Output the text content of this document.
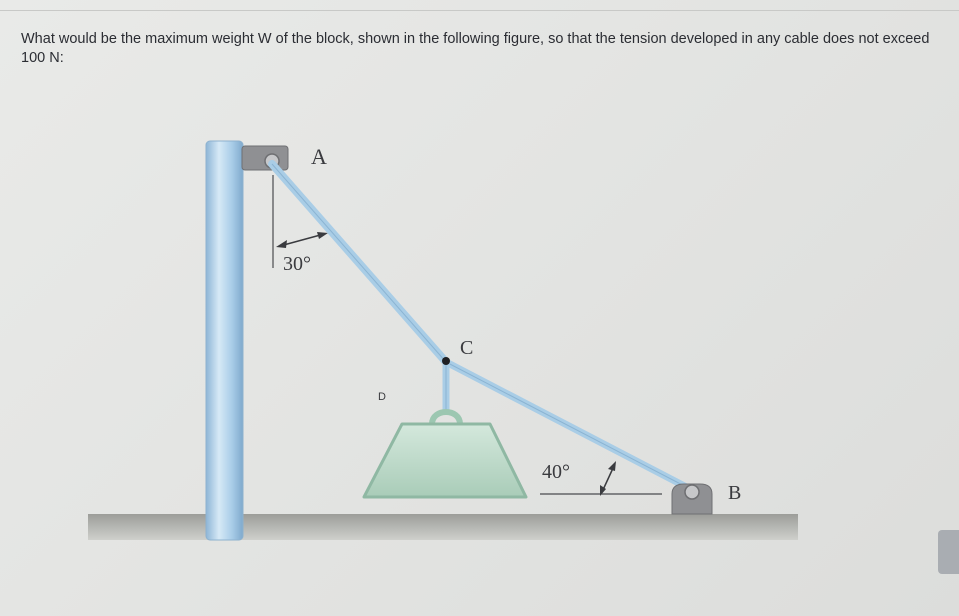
What would be the maximum weight W of the block, shown in the following figure, so that the tension developed in any cable does not exceed 100 N:
A
30°
C
D
40°
B
